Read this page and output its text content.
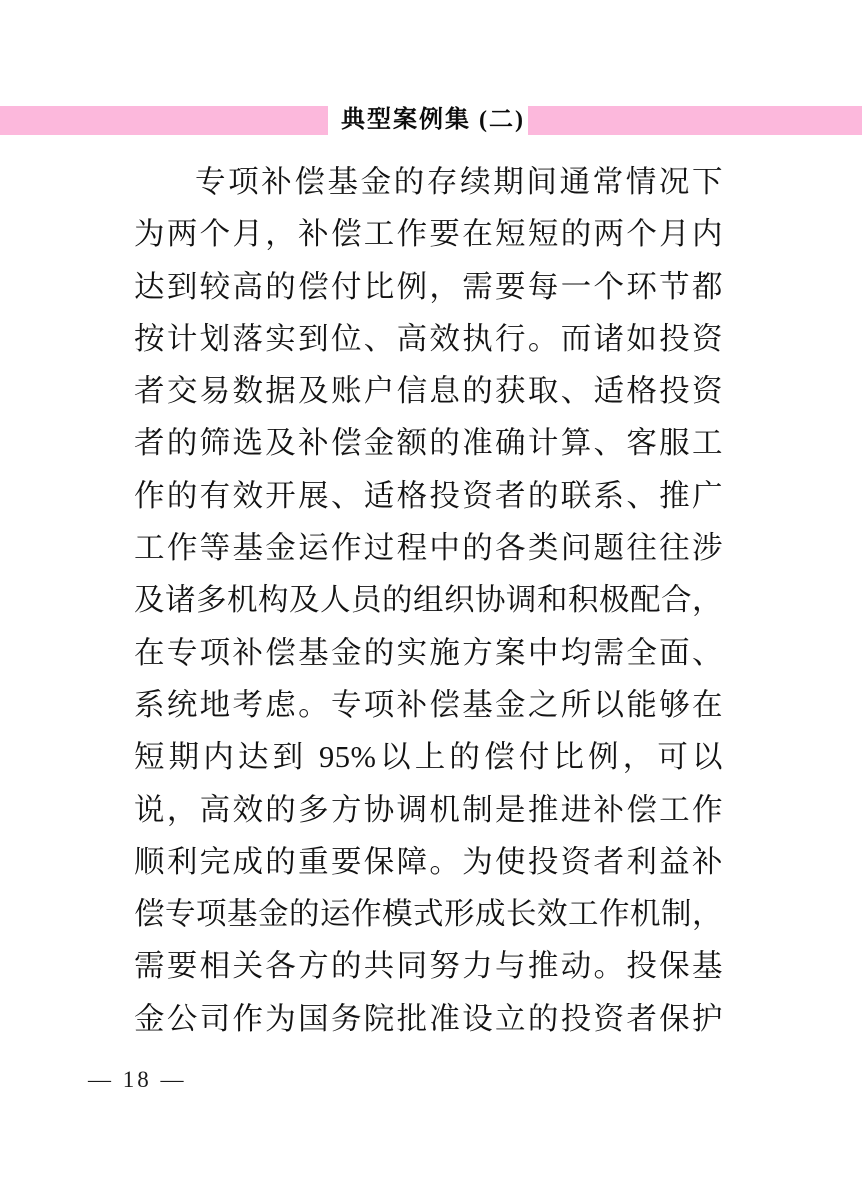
典型案例集 (二)
专项补偿基金的存续期间通常情况下
为两个月，补偿工作要在短短的两个月内
达到较高的偿付比例，需要每一个环节都
按计划落实到位、高效执行。而诸如投资
者交易数据及账户信息的获取、适格投资
者的筛选及补偿金额的准确计算、客服工
作的有效开展、适格投资者的联系、推广
工作等基金运作过程中的各类问题往往涉
及诸多机构及人员的组织协调和积极配合，
在专项补偿基金的实施方案中均需全面、
系统地考虑。专项补偿基金之所以能够在
短期内达到 95%以上的偿付比例，可以
说，高效的多方协调机制是推进补偿工作
顺利完成的重要保障。为使投资者利益补
偿专项基金的运作模式形成长效工作机制，
需要相关各方的共同努力与推动。投保基
金公司作为国务院批准设立的投资者保护
— 18 —
